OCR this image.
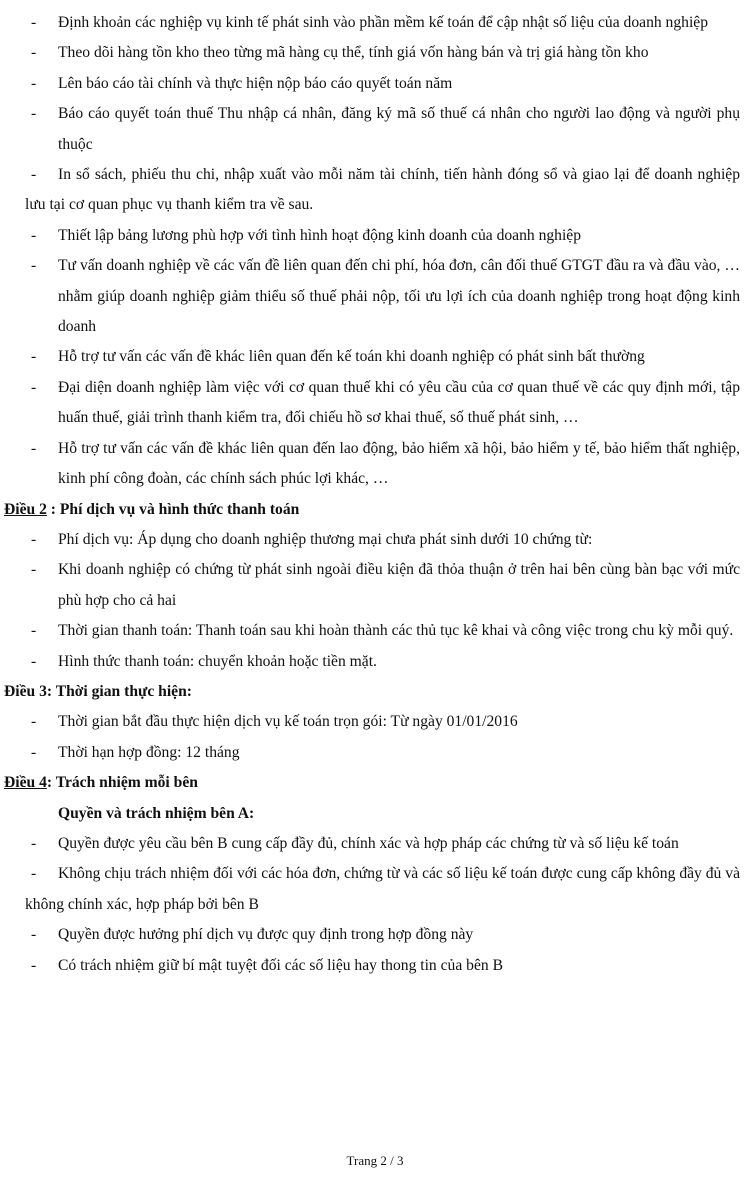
- Định khoản các nghiệp vụ kinh tế phát sinh vào phần mềm kế toán để cập nhật số liệu của doanh nghiệp
- Theo dõi hàng tồn kho theo từng mã hàng cụ thể, tính giá vốn hàng bán và trị giá hàng tồn kho
- Lên báo cáo tài chính và thực hiện nộp báo cáo quyết toán năm
- Báo cáo quyết toán thuế Thu nhập cá nhân, đăng ký mã số thuế cá nhân cho người lao động và người phụ thuộc
- In sổ sách, phiếu thu chi, nhập xuất vào mỗi năm tài chính, tiến hành đóng sổ và giao lại để doanh nghiệp lưu tại cơ quan phục vụ thanh kiểm tra về sau.
- Thiết lập bảng lương phù hợp với tình hình hoạt động kinh doanh của doanh nghiệp
- Tư vấn doanh nghiệp về các vấn đề liên quan đến chi phí, hóa đơn, cân đối thuế GTGT đầu ra và đầu vào, … nhằm giúp doanh nghiệp giảm thiểu số thuế phải nộp, tối ưu lợi ích của doanh nghiệp trong hoạt động kinh doanh
- Hỗ trợ tư vấn các vấn đề khác liên quan đến kế toán khi doanh nghiệp có phát sinh bất thường
- Đại diện doanh nghiệp làm việc với cơ quan thuế khi có yêu cầu của cơ quan thuế về các quy định mới, tập huấn thuế, giải trình thanh kiểm tra, đối chiếu hồ sơ khai thuế, số thuế phát sinh, …
- Hỗ trợ tư vấn các vấn đề khác liên quan đến lao động, bảo hiểm xã hội, bảo hiểm y tế, bảo hiểm thất nghiệp, kinh phí công đoàn, các chính sách phúc lợi khác, …
Điều 2 : Phí dịch vụ và hình thức thanh toán
- Phí dịch vụ: Áp dụng cho doanh nghiệp thương mại chưa phát sinh dưới 10 chứng từ:
- Khi doanh nghiệp có chứng từ phát sinh ngoài điều kiện đã thỏa thuận ở trên hai bên cùng bàn bạc với mức phù hợp cho cả hai
- Thời gian thanh toán: Thanh toán sau khi hoàn thành các thủ tục kê khai và công việc trong chu kỳ mỗi quý.
- Hình thức thanh toán: chuyển khoản hoặc tiền mặt.
Điều 3: Thời gian thực hiện:
- Thời gian bắt đầu thực hiện dịch vụ kế toán trọn gói: Từ ngày 01/01/2016
- Thời hạn hợp đồng: 12 tháng
Điều 4: Trách nhiệm mỗi bên
Quyền và trách nhiệm bên A:
- Quyền được yêu cầu bên B cung cấp đầy đủ, chính xác và hợp pháp các chứng từ và số liệu kế toán
- Không chịu trách nhiệm đối với các hóa đơn, chứng từ và các số liệu kế toán được cung cấp không đầy đủ và không chính xác, hợp pháp bởi bên B
- Quyền được hưởng phí dịch vụ được quy định trong hợp đồng này
- Có trách nhiệm giữ bí mật tuyệt đối các số liệu hay thong tin của bên B
Trang 2 / 3
